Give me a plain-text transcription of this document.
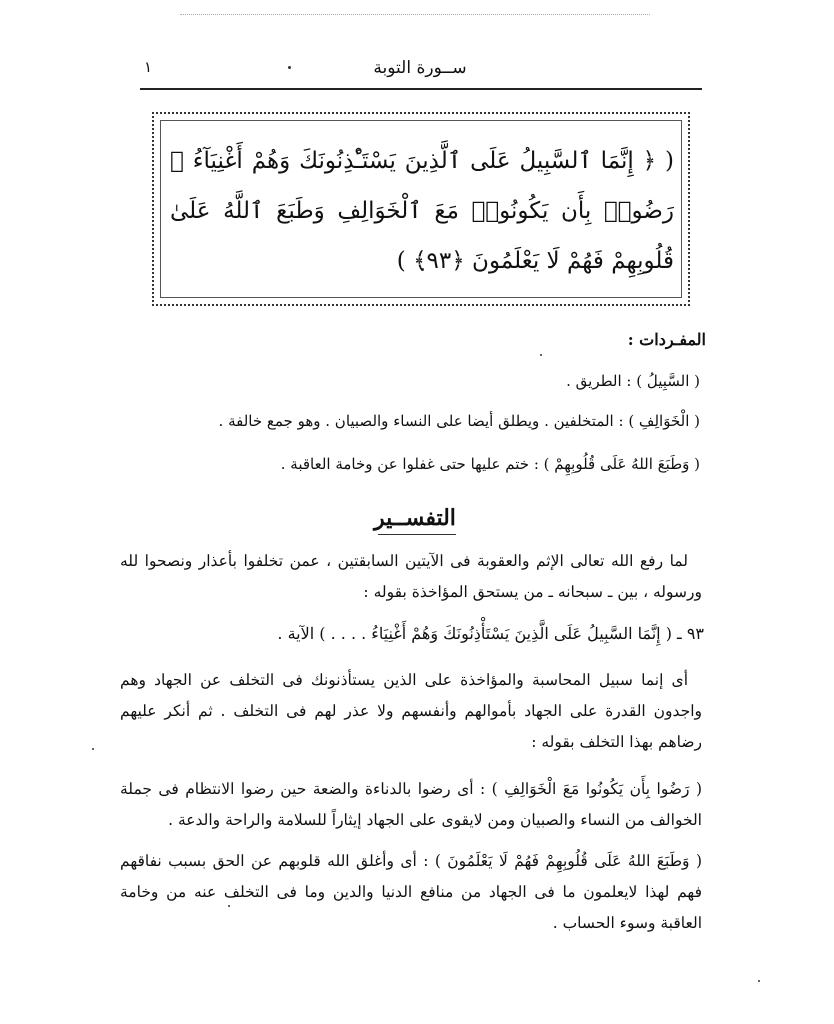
ســورة التوبة
١
( ﴿ إِنَّمَا ٱلسَّبِيلُ عَلَى ٱلَّذِينَ يَسْتَـْٔذِنُونَكَ وَهُمْ أَغْنِيَآءُ ۚ رَضُوا۟ بِأَن يَكُونُوا۟ مَعَ ٱلْخَوَالِفِ وَطَبَعَ ٱللَّهُ عَلَىٰ قُلُوبِهِمْ فَهُمْ لَا يَعْلَمُونَ ﴿٩٣﴾ )
المفـردات :
( السَّبِيلُ ) : الطريق .
( الْخَوَالِفِ ) : المتخلفين . ويطلق أيضا على النساء والصبيان . وهو جمع خالفة .
( وَطَبَعَ اللهُ عَلَى قُلُوبِهِمْ ) : ختم عليها حتى غفلوا عن وخامة العاقبة .
التفســير
لما رفع الله تعالى الإثم والعقوبة فى الآيتين السابقتين ، عمن تخلفوا بأعذار ونصحوا لله ورسوله ، بين ـ سبحانه ـ من يستحق المؤاخذة بقوله :
٩٣ ـ ( إِنَّمَا السَّبِيلُ عَلَى الَّذِينَ يَسْتَأْذِنُونَكَ وَهُمْ أَغْنِيَاءُ . . . . ) الآية .
أى إنما سبيل المحاسبة والمؤاخذة على الذين يستأذنونك فى التخلف عن الجهاد وهم واجدون القدرة على الجهاد بأموالهم وأنفسهم ولا عذر لهم فى التخلف . ثم أنكر عليهم رضاهم بهذا التخلف بقوله :
( رَضُوا بِأَن يَكُونُوا مَعَ الْخَوَالِفِ ) : أى رضوا بالدناءة والضعة حين رضوا الانتظام فى جملة الخوالف من النساء والصبيان ومن لايقوى على الجهاد إيثاراً للسلامة والراحة والدعة .
( وَطَبَعَ اللهُ عَلَى قُلُوبِهِمْ فَهُمْ لَا يَعْلَمُونَ ) : أى وأغلق الله قلوبهم عن الحق بسبب نفاقهم فهم لهذا لايعلمون ما فى الجهاد من منافع الدنيا والدين وما فى التخلف عنه من وخامة العاقبة وسوء الحساب .
